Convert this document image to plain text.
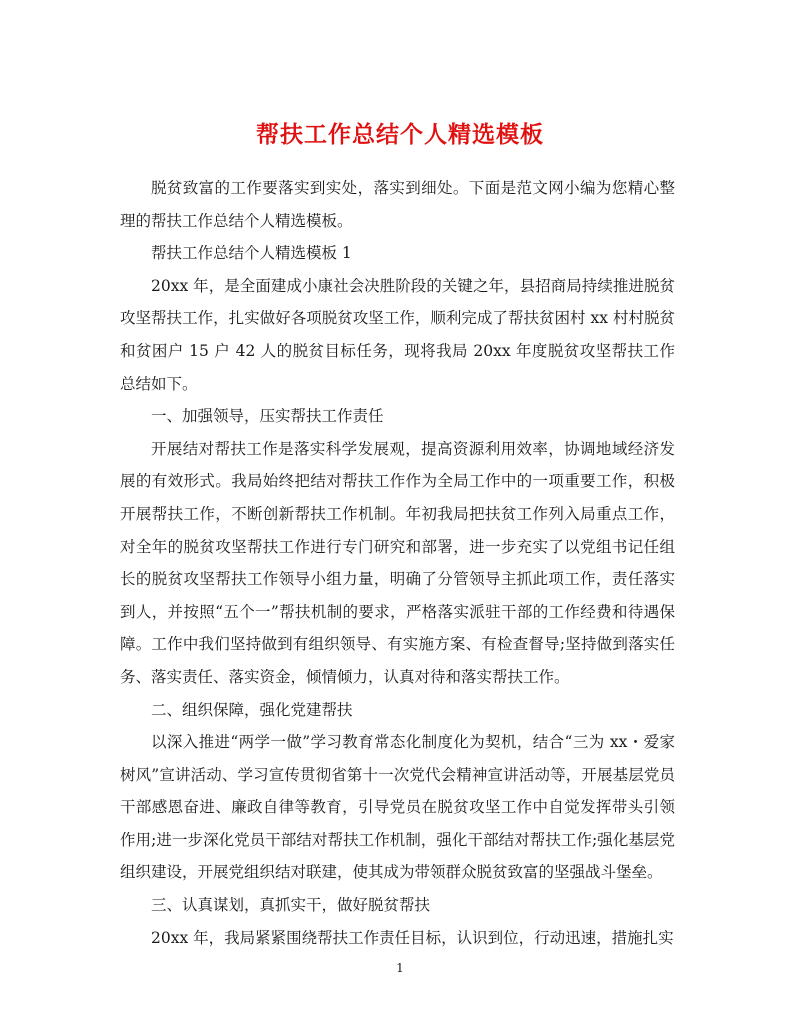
帮扶工作总结个人精选模板

脱贫致富的工作要落实到实处，落实到细处。下面是范文网小编为您精心整理的帮扶工作总结个人精选模板。

帮扶工作总结个人精选模板 1

20xx 年，是全面建成小康社会决胜阶段的关键之年，县招商局持续推进脱贫攻坚帮扶工作，扎实做好各项脱贫攻坚工作，顺利完成了帮扶贫困村 xx 村村脱贫和贫困户 15 户 42 人的脱贫目标任务，现将我局 20xx 年度脱贫攻坚帮扶工作总结如下。

一、加强领导，压实帮扶工作责任

开展结对帮扶工作是落实科学发展观，提高资源利用效率，协调地域经济发展的有效形式。我局始终把结对帮扶工作作为全局工作中的一项重要工作，积极开展帮扶工作，不断创新帮扶工作机制。年初我局把扶贫工作列入局重点工作，对全年的脱贫攻坚帮扶工作进行专门研究和部署，进一步充实了以党组书记任组长的脱贫攻坚帮扶工作领导小组力量，明确了分管领导主抓此项工作，责任落实到人，并按照“五个一”帮扶机制的要求，严格落实派驻干部的工作经费和待遇保障。工作中我们坚持做到有组织领导、有实施方案、有检查督导;坚持做到落实任务、落实责任、落实资金，倾情倾力，认真对待和落实帮扶工作。

二、组织保障，强化党建帮扶

以深入推进“两学一做”学习教育常态化制度化为契机，结合“三为 xx・爱家树风”宣讲活动、学习宣传贯彻省第十一次党代会精神宣讲活动等，开展基层党员干部感恩奋进、廉政自律等教育，引导党员在脱贫攻坚工作中自觉发挥带头引领作用;进一步深化党员干部结对帮扶工作机制，强化干部结对帮扶工作;强化基层党组织建设，开展党组织结对联建，使其成为带领群众脱贫致富的坚强战斗堡垒。

三、认真谋划，真抓实干，做好脱贫帮扶

20xx 年，我局紧紧围绕帮扶工作责任目标，认识到位，行动迅速，措施扎实

1
